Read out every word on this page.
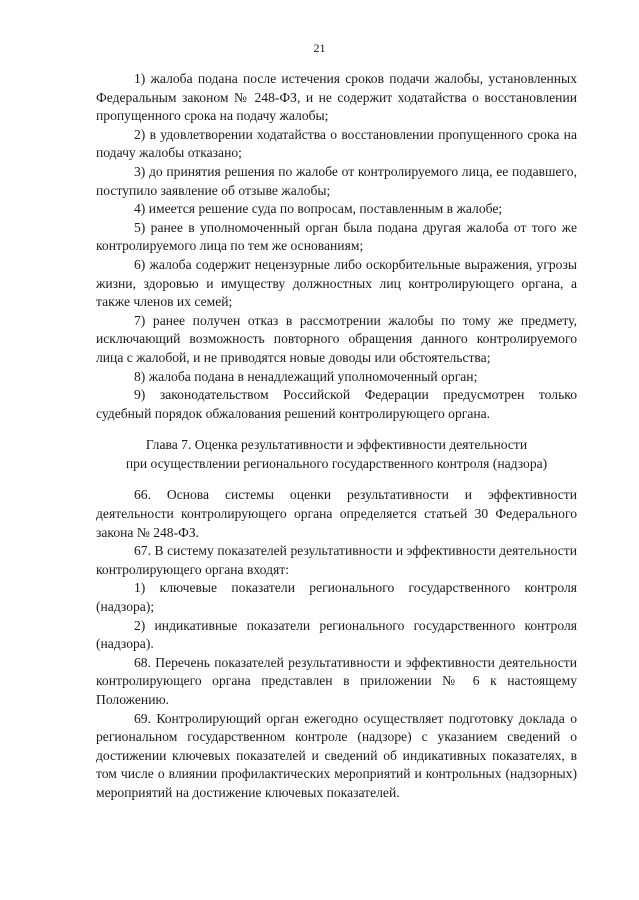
21

1) жалоба подана после истечения сроков подачи жалобы, установленных Федеральным законом № 248-ФЗ, и не содержит ходатайства о восстановлении пропущенного срока на подачу жалобы;

2) в удовлетворении ходатайства о восстановлении пропущенного срока на подачу жалобы отказано;

3) до принятия решения по жалобе от контролируемого лица, ее подавшего, поступило заявление об отзыве жалобы;

4) имеется решение суда по вопросам, поставленным в жалобе;

5) ранее в уполномоченный орган была подана другая жалоба от того же контролируемого лица по тем же основаниям;

6) жалоба содержит нецензурные либо оскорбительные выражения, угрозы жизни, здоровью и имуществу должностных лиц контролирующего органа, а также членов их семей;

7) ранее получен отказ в рассмотрении жалобы по тому же предмету, исключающий возможность повторного обращения данного контролируемого лица с жалобой, и не приводятся новые доводы или обстоятельства;

8) жалоба подана в ненадлежащий уполномоченный орган;

9) законодательством Российской Федерации предусмотрен только судебный порядок обжалования решений контролирующего органа.

Глава 7. Оценка результативности и эффективности деятельности
при осуществлении регионального государственного контроля (надзора)

66. Основа системы оценки результативности и эффективности деятельности контролирующего органа определяется статьей 30 Федерального закона № 248-ФЗ.

67. В систему показателей результативности и эффективности деятельности контролирующего органа входят:

1) ключевые показатели регионального государственного контроля (надзора);

2) индикативные показатели регионального государственного контроля (надзора).

68. Перечень показателей результативности и эффективности деятельности контролирующего органа представлен в приложении № 6 к настоящему Положению.

69. Контролирующий орган ежегодно осуществляет подготовку доклада о региональном государственном контроле (надзоре) с указанием сведений о достижении ключевых показателей и сведений об индикативных показателях, в том числе о влиянии профилактических мероприятий и контрольных (надзорных) мероприятий на достижение ключевых показателей.
